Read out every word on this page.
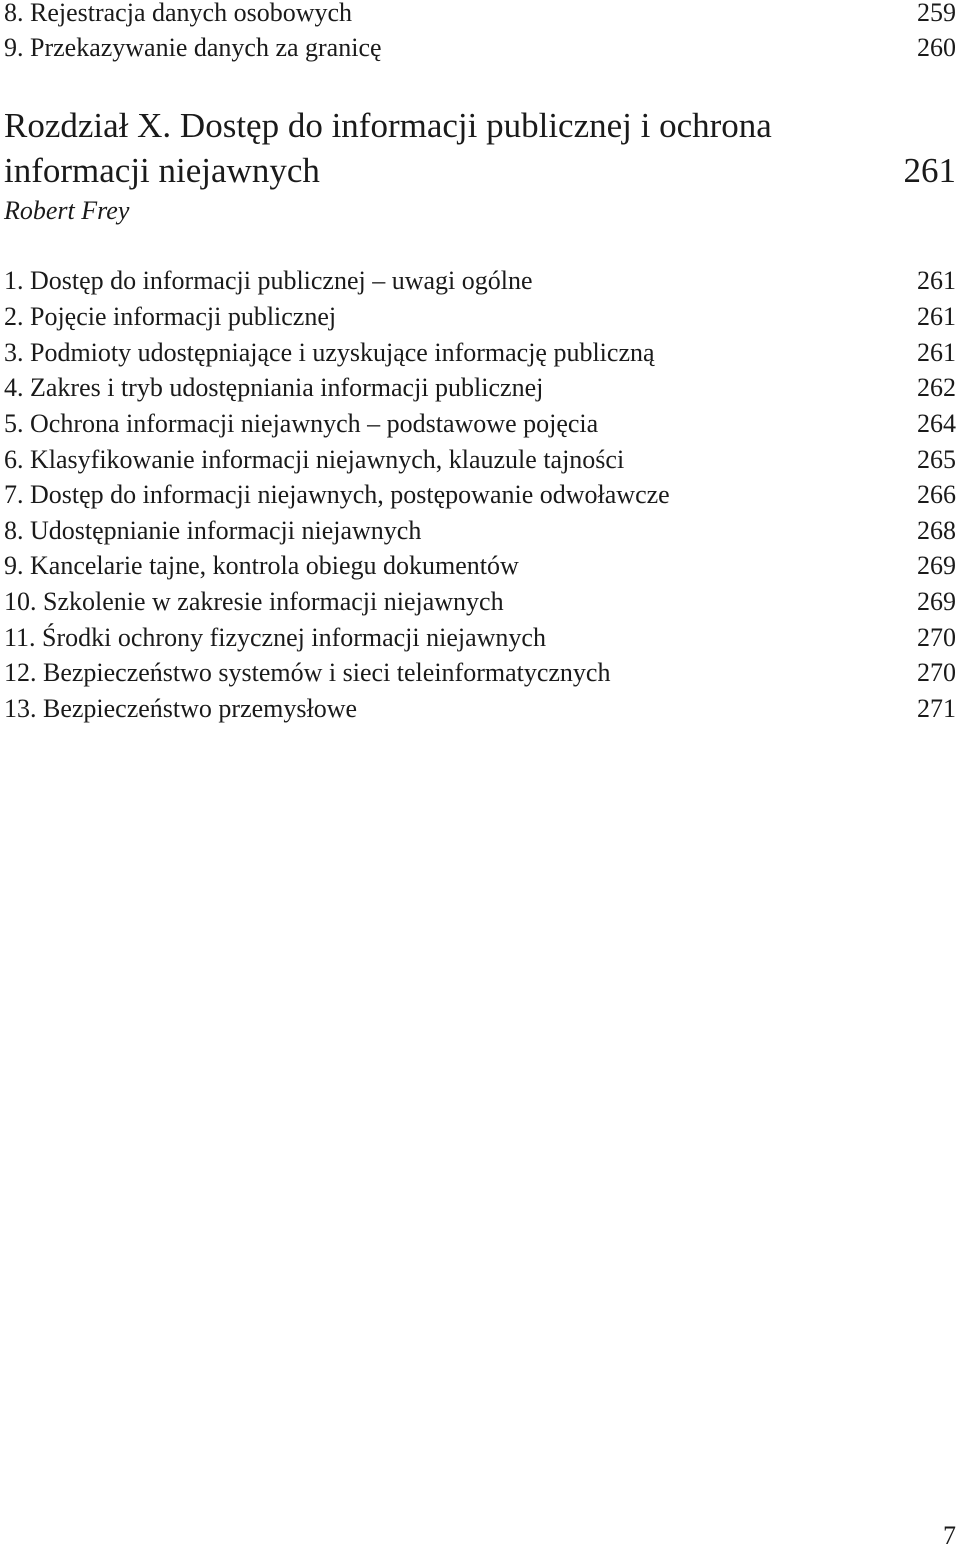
8. Rejestracja danych osobowych	259
9. Przekazywanie danych za granicę	260
Rozdział X. Dostęp do informacji publicznej i ochrona
informacji niejawnych	261
Robert Frey
1. Dostęp do informacji publicznej – uwagi ogólne	261
2. Pojęcie informacji publicznej	261
3. Podmioty udostępniające i uzyskujące informację publiczną	261
4. Zakres i tryb udostępniania informacji publicznej	262
5. Ochrona informacji niejawnych – podstawowe pojęcia	264
6. Klasyfikowanie informacji niejawnych, klauzule tajności	265
7. Dostęp do informacji niejawnych, postępowanie odwoławcze	266
8. Udostępnianie informacji niejawnych	268
9. Kancelarie tajne, kontrola obiegu dokumentów	269
10. Szkolenie w zakresie informacji niejawnych	269
11. Środki ochrony fizycznej informacji niejawnych	270
12. Bezpieczeństwo systemów i sieci teleinformatycznych	270
13. Bezpieczeństwo przemysłowe	271
7
